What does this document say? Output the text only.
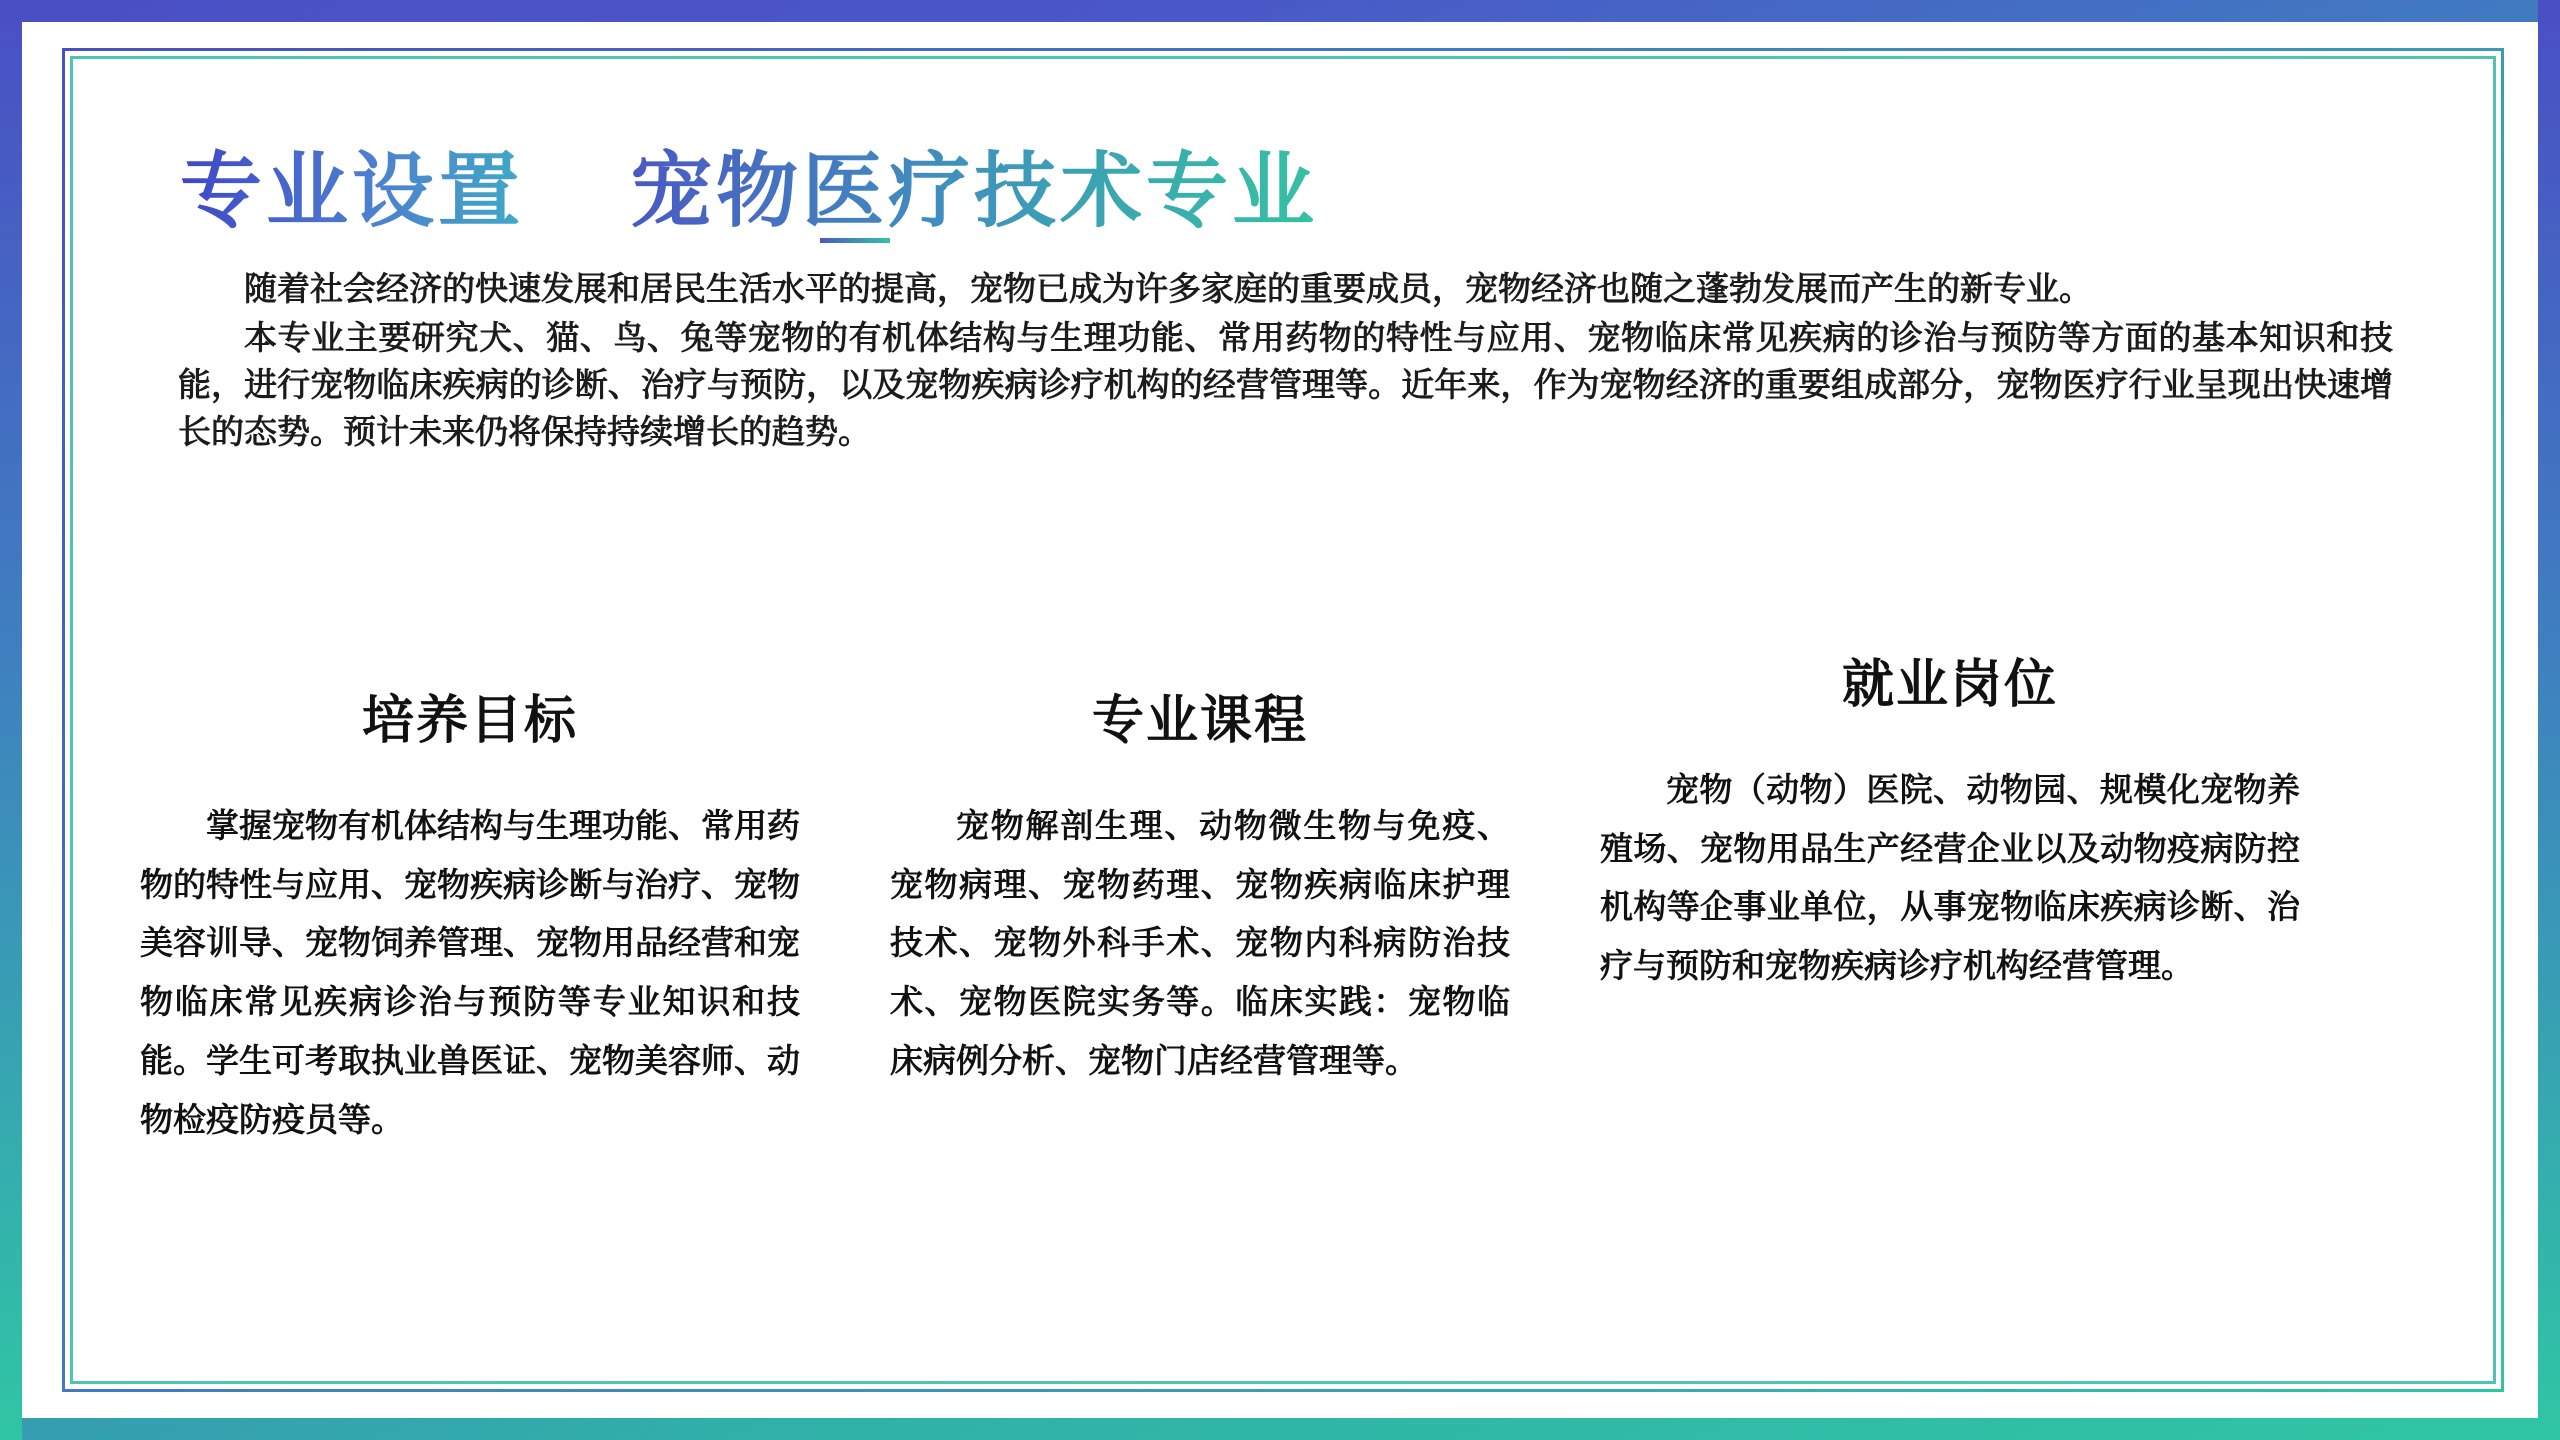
专业设置 宠物医疗技术专业

随着社会经济的快速发展和居民生活水平的提高，宠物已成为许多家庭的重要成员，宠物经济也随之蓬勃发展而产生的新专业。

本专业主要研究犬、猫、鸟、兔等宠物的有机体结构与生理功能、常用药物的特性与应用、宠物临床常见疾病的诊治与预防等方面的基本知识和技能，进行宠物临床疾病的诊断、治疗与预防，以及宠物疾病诊疗机构的经营管理等。近年来，作为宠物经济的重要组成部分，宠物医疗行业呈现出快速增长的态势。预计未来仍将保持持续增长的趋势。

培养目标
掌握宠物有机体结构与生理功能、常用药物的特性与应用、宠物疾病诊断与治疗、宠物美容训导、宠物饲养管理、宠物用品经营和宠物临床常见疾病诊治与预防等专业知识和技能。学生可考取执业兽医证、宠物美容师、动物检疫防疫员等。
专业课程
宠物解剖生理、动物微生物与免疫、宠物病理、宠物药理、宠物疾病临床护理技术、宠物外科手术、宠物内科病防治技术、宠物医院实务等。临床实践：宠物临床病例分析、宠物门店经营管理等。
就业岗位
宠物（动物）医院、动物园、规模化宠物养殖场、宠物用品生产经营企业以及动物疫病防控机构等企事业单位，从事宠物临床疾病诊断、治疗与预防和宠物疾病诊疗机构经营管理。
